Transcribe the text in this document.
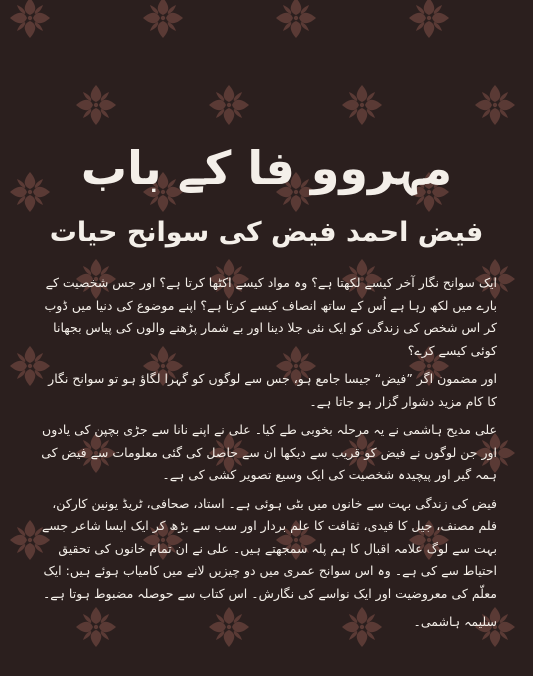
مہروو فا کے باب
فیض احمد فیض کی سوانح حیات

ایک سوانح نگار آخر کیسے لکھتا ہے؟ وہ مواد کیسے اکٹھا کرتا ہے؟ اور جس شخصیت کے بارے میں لکھ رہا ہے اُس کے ساتھ انصاف کیسے کرتا ہے؟ اپنے موضوع کی دنیا میں ڈوب کر اس شخص کی زندگی کو ایک نئی جلا دینا اور بے شمار پڑھنے والوں کی پیاس بجھانا کوئی کیسے کرے؟

اور مضمون اگر ”فیض“ جیسا جامع ہو، جس سے لوگوں کو گہرا لگاؤ ہو تو سوانح نگار کا کام مزید دشوار گزار ہو جاتا ہے۔

علی مدیح ہاشمی نے یہ مرحلہ بخوبی طے کیا۔ علی نے اپنے نانا سے جڑی بچپن کی یادوں اور جن لوگوں نے فیض کو قریب سے دیکھا ان سے حاصل کی گئی معلومات سے فیض کی ہمہ گیر اور پیچیدہ شخصیت کی ایک وسیع تصویر کشی کی ہے۔

فیض کی زندگی بہت سے خانوں میں بٹی ہوئی ہے۔ استاد، صحافی، ٹریڈ یونین کارکن، فلم مصنف، جیل کا قیدی، ثقافت کا علم بردار اور سب سے بڑھ کر ایک ایسا شاعر جسے بہت سے لوگ علامہ اقبال کا ہم پلہ سمجھتے ہیں۔ علی نے ان تمام خانوں کی تحقیق احتیاط سے کی ہے۔ وہ اس سوانح عمری میں دو چیزیں لانے میں کامیاب ہوئے ہیں: ایک معلّم کی معروضیت اور ایک نواسے کی نگارش۔ اس کتاب سے حوصلہ مضبوط ہوتا ہے۔

سلیمہ ہاشمی۔
